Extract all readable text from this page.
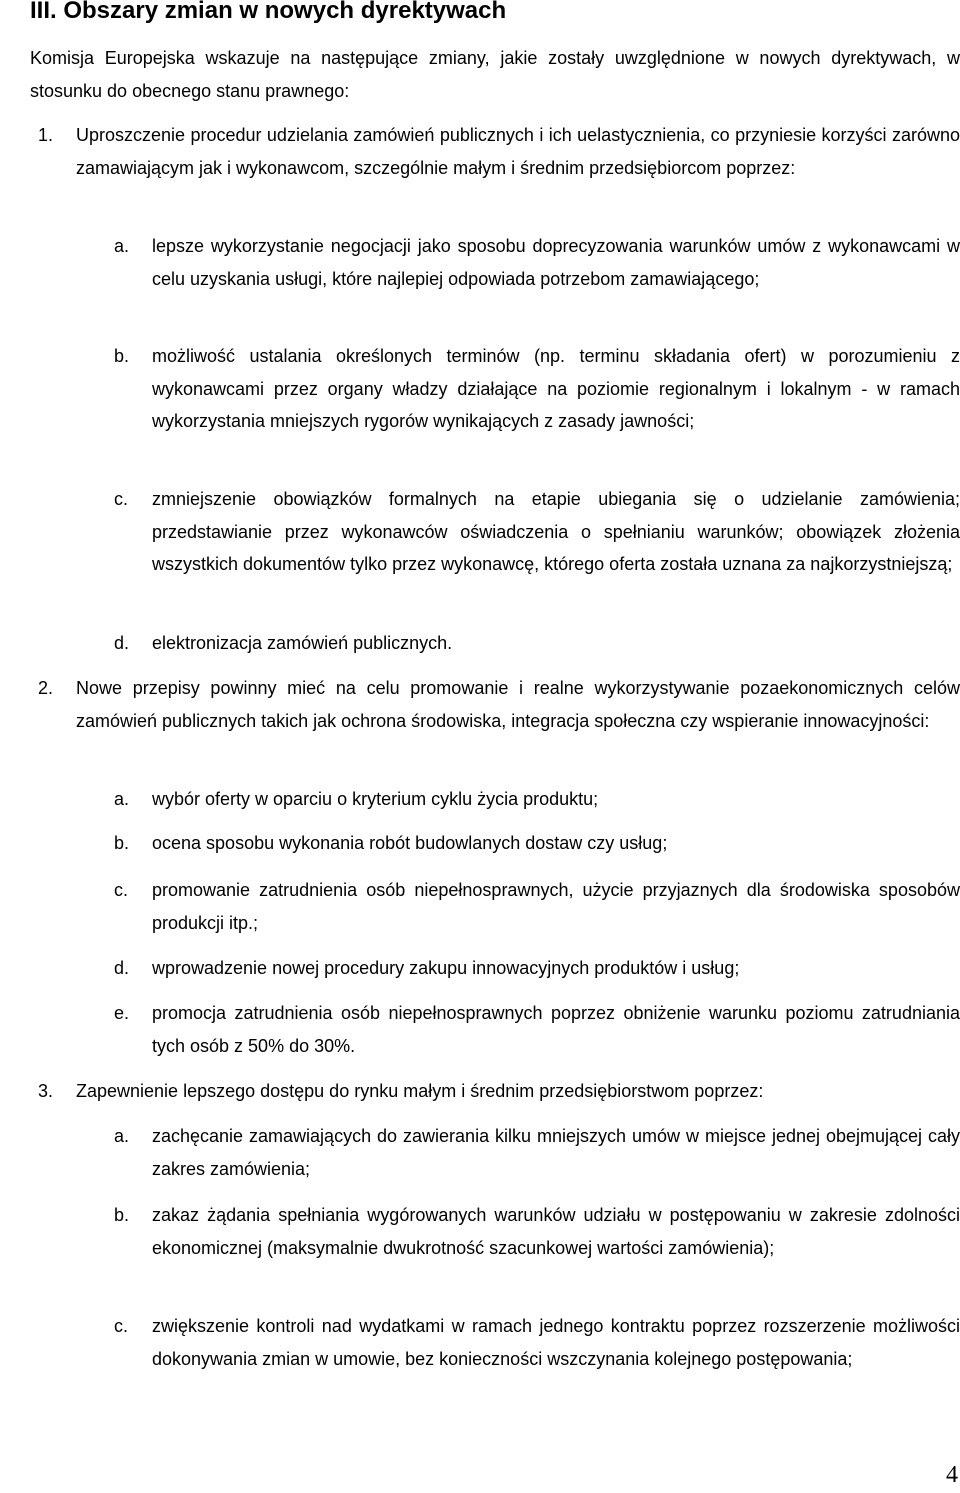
III. Obszary zmian w nowych dyrektywach
Komisja Europejska wskazuje na następujące zmiany, jakie zostały uwzględnione w nowych dyrektywach, w stosunku do obecnego stanu prawnego:
1. Uproszczenie procedur udzielania zamówień publicznych i ich uelastycznienia, co przyniesie korzyści zarówno zamawiającym jak i wykonawcom, szczególnie małym i średnim przedsiębiorcom poprzez:
a. lepsze wykorzystanie negocjacji jako sposobu doprecyzowania warunków umów z wykonawcami w celu uzyskania usługi, które najlepiej odpowiada potrzebom zamawiającego;
b. możliwość ustalania określonych terminów (np. terminu składania ofert) w porozumieniu z wykonawcami przez organy władzy działające na poziomie regionalnym i lokalnym - w ramach wykorzystania mniejszych rygorów wynikających z zasady jawności;
c. zmniejszenie obowiązków formalnych na etapie ubiegania się o udzielanie zamówienia; przedstawianie przez wykonawców oświadczenia o spełnianiu warunków; obowiązek złożenia wszystkich dokumentów tylko przez wykonawcę, którego oferta została uznana za najkorzystniejszą;
d. elektronizacja zamówień publicznych.
2. Nowe przepisy powinny mieć na celu promowanie i realne wykorzystywanie pozaekonomicznych celów zamówień publicznych takich jak ochrona środowiska, integracja społeczna czy wspieranie innowacyjności:
a. wybór oferty w oparciu o kryterium cyklu życia produktu;
b. ocena sposobu wykonania robót budowlanych dostaw czy usług;
c. promowanie zatrudnienia osób niepełnosprawnych, użycie przyjaznych dla środowiska sposobów produkcji itp.;
d. wprowadzenie nowej procedury zakupu innowacyjnych produktów i usług;
e. promocja zatrudnienia osób niepełnosprawnych poprzez obniżenie warunku poziomu zatrudniania tych osób z 50% do 30%.
3. Zapewnienie lepszego dostępu do rynku małym i średnim przedsiębiorstwom poprzez:
a. zachęcanie zamawiających do zawierania kilku mniejszych umów w miejsce jednej obejmującej cały zakres zamówienia;
b. zakaz żądania spełniania wygórowanych warunków udziału w postępowaniu w zakresie zdolności ekonomicznej (maksymalnie dwukrotność szacunkowej wartości zamówienia);
c. zwiększenie kontroli nad wydatkami w ramach jednego kontraktu poprzez rozszerzenie możliwości dokonywania zmian w umowie, bez konieczności wszczynania kolejnego postępowania;
4
